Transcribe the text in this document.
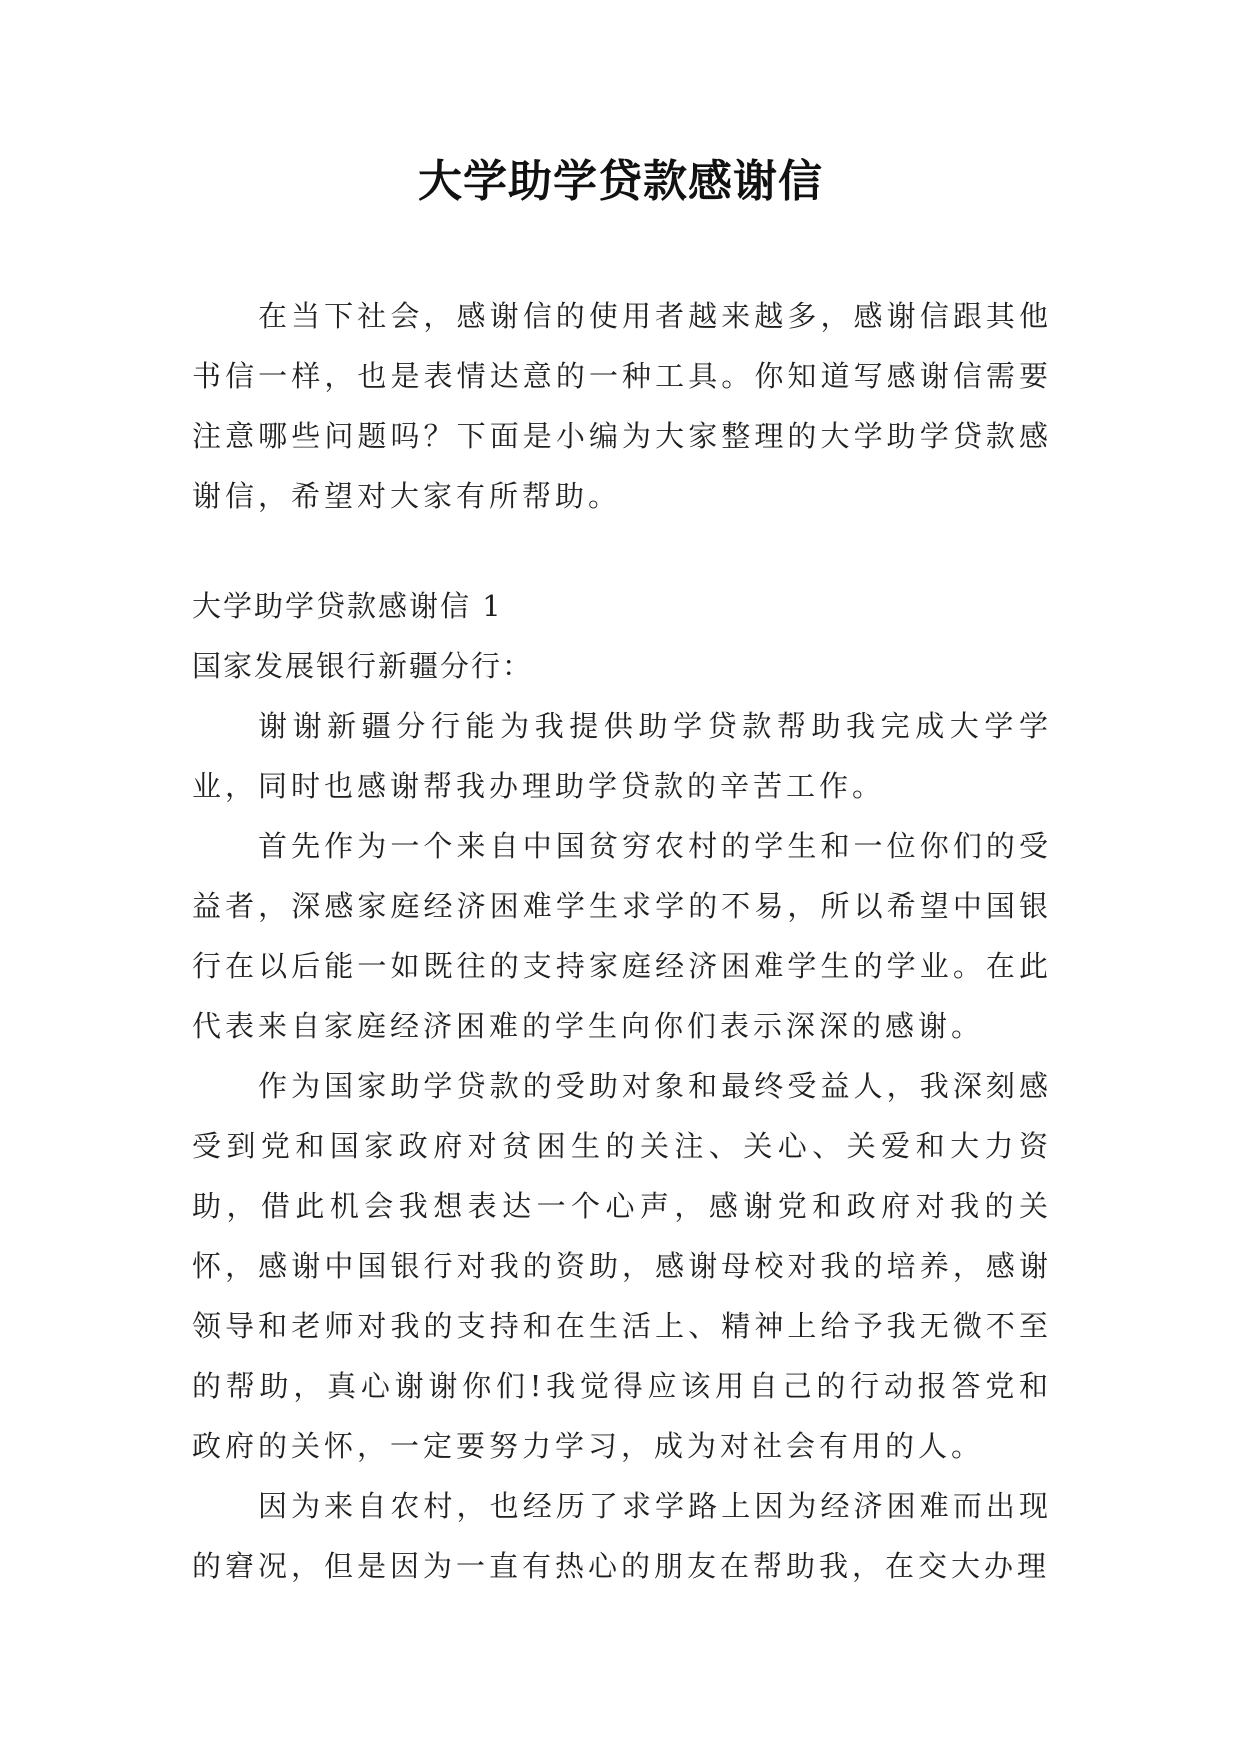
大学助学贷款感谢信

在当下社会，感谢信的使用者越来越多，感谢信跟其他书信一样，也是表情达意的一种工具。你知道写感谢信需要注意哪些问题吗？下面是小编为大家整理的大学助学贷款感谢信，希望对大家有所帮助。

大学助学贷款感谢信 1

国家发展银行新疆分行：

谢谢新疆分行能为我提供助学贷款帮助我完成大学学业，同时也感谢帮我办理助学贷款的辛苦工作。

首先作为一个来自中国贫穷农村的学生和一位你们的受益者，深感家庭经济困难学生求学的不易，所以希望中国银行在以后能一如既往的支持家庭经济困难学生的学业。在此代表来自家庭经济困难的学生向你们表示深深的感谢。

作为国家助学贷款的受助对象和最终受益人，我深刻感受到党和国家政府对贫困生的关注、关心、关爱和大力资助，借此机会我想表达一个心声，感谢党和政府对我的关怀，感谢中国银行对我的资助，感谢母校对我的培养，感谢领导和老师对我的支持和在生活上、精神上给予我无微不至的帮助，真心谢谢你们!我觉得应该用自己的行动报答党和政府的关怀，一定要努力学习，成为对社会有用的人。

因为来自农村，也经历了求学路上因为经济困难而出现的窘况，但是因为一直有热心的朋友在帮助我，在交大办理
